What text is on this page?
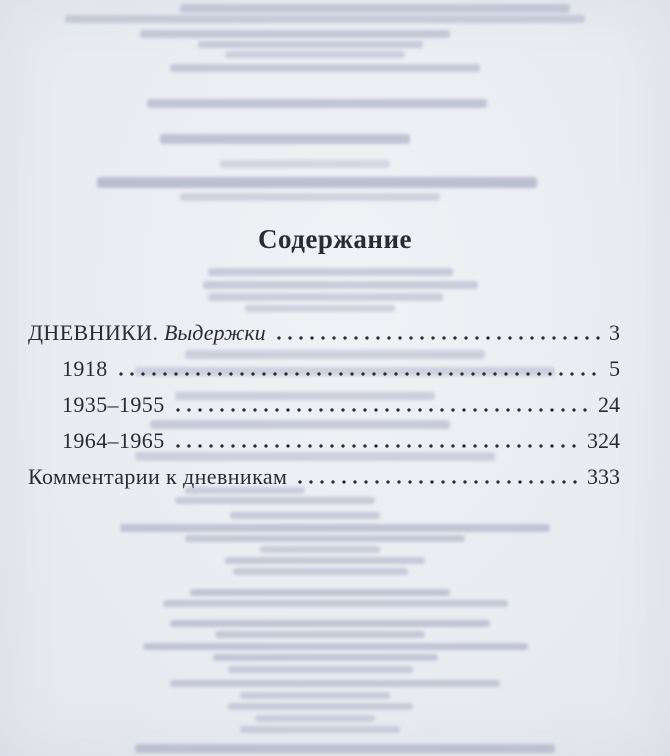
Содержание
ДНЕВНИКИ. Выдержки	3
1918	5
1935–1955	24
1964–1965	324
Комментарии к дневникам	333
